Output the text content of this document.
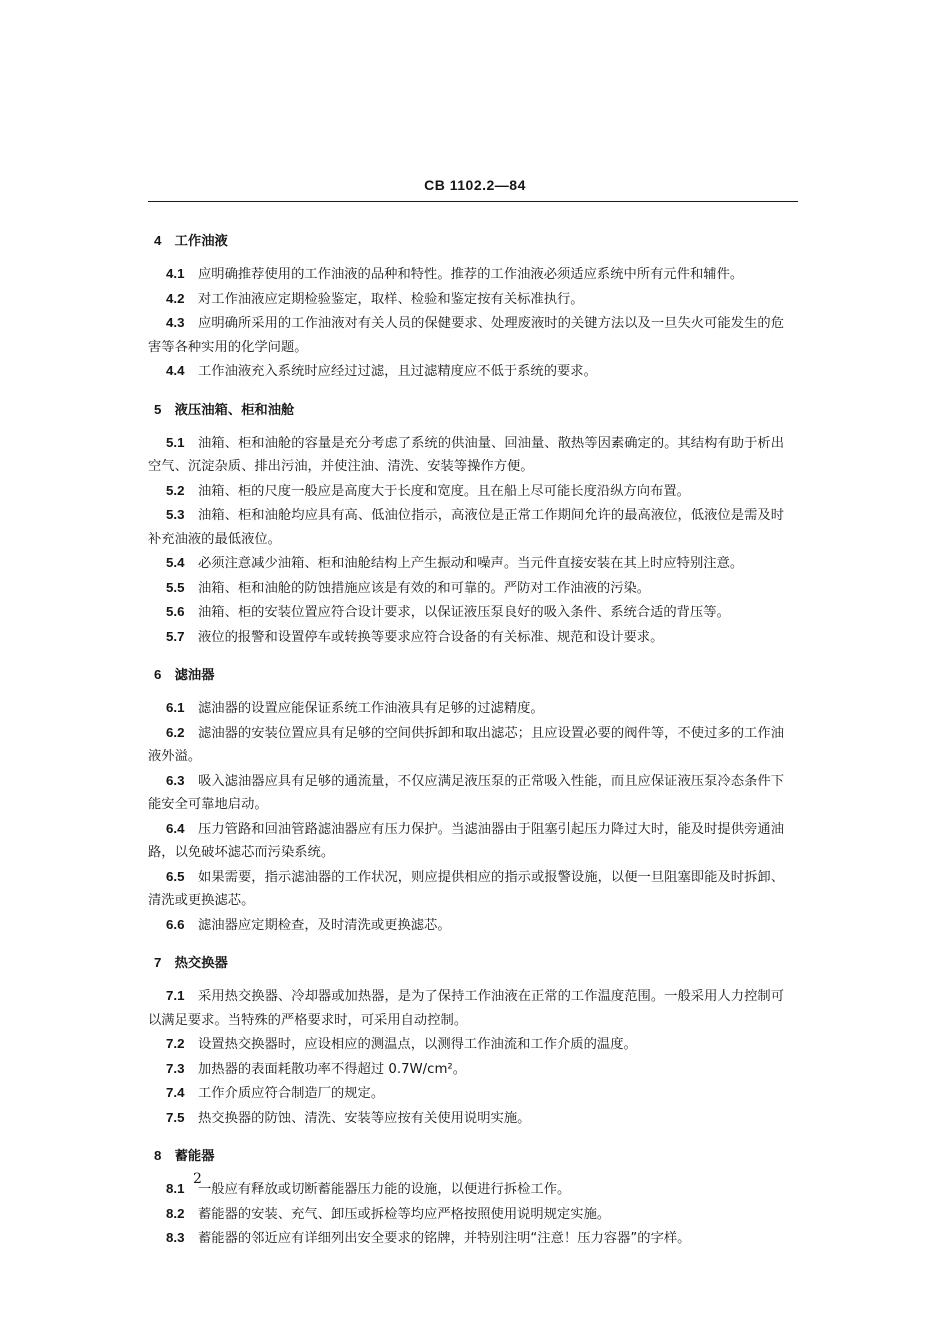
CB 1102.2—84
4 工作油液

4.1 应明确推荐使用的工作油液的品种和特性。推荐的工作油液必须适应系统中所有元件和辅件。

4.2 对工作油液应定期检验鉴定，取样、检验和鉴定按有关标准执行。

4.3 应明确所采用的工作油液对有关人员的保健要求、处理废液时的关键方法以及一旦失火可能发生的危害等各种实用的化学问题。

4.4 工作油液充入系统时应经过过滤，且过滤精度应不低于系统的要求。

5 液压油箱、柜和油舱

5.1 油箱、柜和油舱的容量是充分考虑了系统的供油量、回油量、散热等因素确定的。其结构有助于析出空气、沉淀杂质、排出污油，并使注油、清洗、安装等操作方便。

5.2 油箱、柜的尺度一般应是高度大于长度和宽度。且在船上尽可能长度沿纵方向布置。

5.3 油箱、柜和油舱均应具有高、低油位指示，高液位是正常工作期间允许的最高液位，低液位是需及时补充油液的最低液位。

5.4 必须注意减少油箱、柜和油舱结构上产生振动和噪声。当元件直接安装在其上时应特别注意。

5.5 油箱、柜和油舱的防蚀措施应该是有效的和可靠的。严防对工作油液的污染。

5.6 油箱、柜的安装位置应符合设计要求，以保证液压泵良好的吸入条件、系统合适的背压等。

5.7 液位的报警和设置停车或转换等要求应符合设备的有关标准、规范和设计要求。

6 滤油器

6.1 滤油器的设置应能保证系统工作油液具有足够的过滤精度。

6.2 滤油器的安装位置应具有足够的空间供拆卸和取出滤芯；且应设置必要的阀件等，不使过多的工作油液外溢。

6.3 吸入滤油器应具有足够的通流量，不仅应满足液压泵的正常吸入性能，而且应保证液压泵冷态条件下能安全可靠地启动。

6.4 压力管路和回油管路滤油器应有压力保护。当滤油器由于阻塞引起压力降过大时，能及时提供旁通油路，以免破坏滤芯而污染系统。

6.5 如果需要，指示滤油器的工作状况，则应提供相应的指示或报警设施，以便一旦阻塞即能及时拆卸、清洗或更换滤芯。

6.6 滤油器应定期检查，及时清洗或更换滤芯。

7 热交换器

7.1 采用热交换器、冷却器或加热器，是为了保持工作油液在正常的工作温度范围。一般采用人力控制可以满足要求。当特殊的严格要求时，可采用自动控制。

7.2 设置热交换器时，应设相应的测温点，以测得工作油流和工作介质的温度。

7.3 加热器的表面耗散功率不得超过 0.7W/cm²。

7.4 工作介质应符合制造厂的规定。

7.5 热交换器的防蚀、清洗、安装等应按有关使用说明实施。

8 蓄能器

8.1 一般应有释放或切断蓄能器压力能的设施，以便进行拆检工作。

8.2 蓄能器的安装、充气、卸压或拆检等均应严格按照使用说明规定实施。

8.3 蓄能器的邻近应有详细列出安全要求的铭牌，并特别注明“注意！压力容器”的字样。

2
